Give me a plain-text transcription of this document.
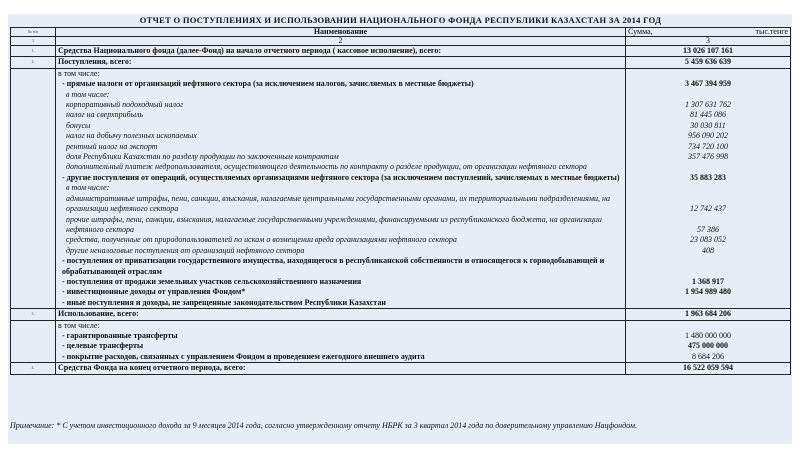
ОТЧЕТ О ПОСТУПЛЕНИЯХ И ИСПОЛЬЗОВАНИИ НАЦИОНАЛЬНОГО ФОНДА РЕСПУБЛИКИ КАЗАХСТАН ЗА 2014 ГОД		
№ п/п	Наименование	Сумма, тыс.тенге

1	2	3
1.	Средства Национального фонда (далее-Фонд) на начало отчетного периода ( кассовое исполнение), всего:	13 026 107 161
2.	Поступления, всего:	5 459 636 639
	в том числе:	
	- прямые налоги от организаций нефтяного сектора (за исключением налогов, зачисляемых в местные бюджеты)	3 467 394 959
	в том числе:	
	корпоративный подоходный налог	1 307 631 762
	налог на сверхприбыль	81 445 086
	бонусы	30 030 811
	налог на добычу полезных ископаемых	956 090 202
	рентный налог на экспорт	734 720 100
	доля Республики Казахстан по разделу продукции по заключенным контрактам	357 476 998
	дополнительный платеж недропользователя, осуществляющего деятельность по контракту о разделе продукции, от организации нефтяного сектора	
	- другие поступления от операций, осуществляемых организациями нефтяного сектора (за исключением поступлений, зачисляемых в местные бюджеты)	35 883 283
	в том числе:	
	административные штрафы, пени, санкции, взыскания, налагаемые центральными государственными органами, их территориальными подразделениями, на организации нефтяного сектора	12 742 437
	прочие штрафы, пени, санкции, взыскания, налагаемые государственными учреждениями, финансируемыми из республиканского бюджета, на организации нефтяного сектора	57 386
	средства, полученные от природопользователей по искам о возмещении вреда организациями нефтяного сектора	23 083 052
	другие неналоговые поступления от организаций нефтяного сектора	408
	- поступления от приватизации государственного имущества, находящегося в республиканской собственности и относящегося к горнодобывающей и обрабатывающей отраслям	
	- поступления от продажи земельных участков сельскохозяйственного назначения	1 368 917
	- инвестиционные доходы от управления Фондом*	1 954 989 480
	- иные поступления и доходы, не запрещенные законодательством Республики Казахстан	
3.	Использование, всего:	1 963 684 206
	в том числе:	
	- гарантированные трансферты	1 480 000 000
	- целевые трансферты	475 000 000
	- покрытие расходов, связанных с управлением Фондом и проведением ежегодного внешнего аудита	8 684 206
4.	Средства Фонда на конец отчетного периода, всего:	16 522 059 594

Примечание: * С учетом инвестиционного дохода за 9 месяцев 2014 года, согласно утвержденному отчету НБРК за 3 квартал 2014 года по доверительному управлению Нацфондом.
